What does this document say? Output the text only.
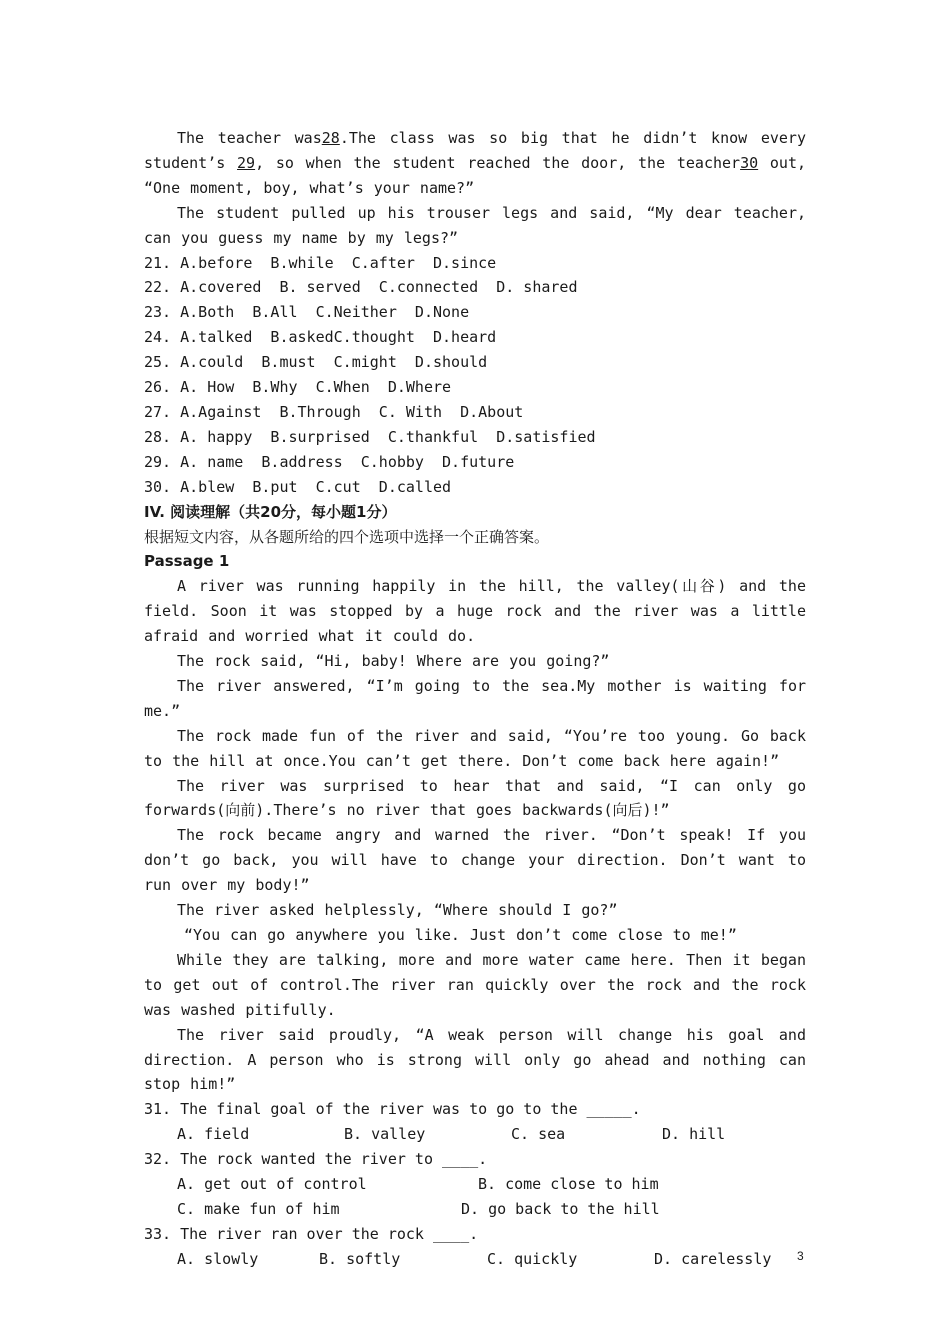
The teacher was28.The class was so big that he didn’t know every student’s 29, so when the student reached the door, the teacher30 out, “One moment, boy, what’s your name?”

The student pulled up his trouser legs and said, “My dear teacher, can you guess my name by my legs?”

21. A.before  B.while  C.after  D.since

22. A.covered  B. served  C.connected  D. shared

23. A.Both  B.All  C.Neither  D.None

24. A.talked  B.askedC.thought  D.heard

25. A.could  B.must  C.might  D.should

26. A. How  B.Why  C.When  D.Where

27. A.Against  B.Through  C. With  D.About

28. A. happy  B.surprised  C.thankful  D.satisfied

29. A. name  B.address  C.hobby  D.future

30. A.blew  B.put  C.cut  D.called

IV. 阅读理解（共20分，每小题1分）

根据短文内容，从各题所给的四个选项中选择一个正确答案。

Passage 1

A river was running happily in the hill, the valley(山谷) and the field. Soon it was stopped by a huge rock and the river was a little afraid and worried what it could do.

The rock said, “Hi, baby! Where are you going?”

The river answered, “I’m going to the sea.My mother is waiting for me.”

The rock made fun of the river and said, “You’re too young. Go back to the hill at once.You can’t get there. Don’t come back here again!”

The river was surprised to hear that and said, “I can only go forwards(向前).There’s no river that goes backwards(向后)!”

The rock became angry and warned the river. “Don’t speak! If you don’t go back, you will have to change your direction. Don’t want to run over my body!”

The river asked helplessly, “Where should I go?”

“You can go anywhere you like. Just don’t come close to me!”

While they are talking, more and more water came here. Then it began to get out of control.The river ran quickly over the rock and the rock was washed pitifully.

The river said proudly, “A weak person will change his goal and direction. A person who is strong will only go ahead and nothing can stop him!”

31. The final goal of the river was to go to the _____.

A. field	B. valley	C. sea	D. hill

32. The rock wanted the river to ____.

A. get out of control	B. come close to him
C. make fun of him	D. go back to the hill

33. The river ran over the rock ____.

A. slowly	B. softly	C. quickly	D. carelessly 3
